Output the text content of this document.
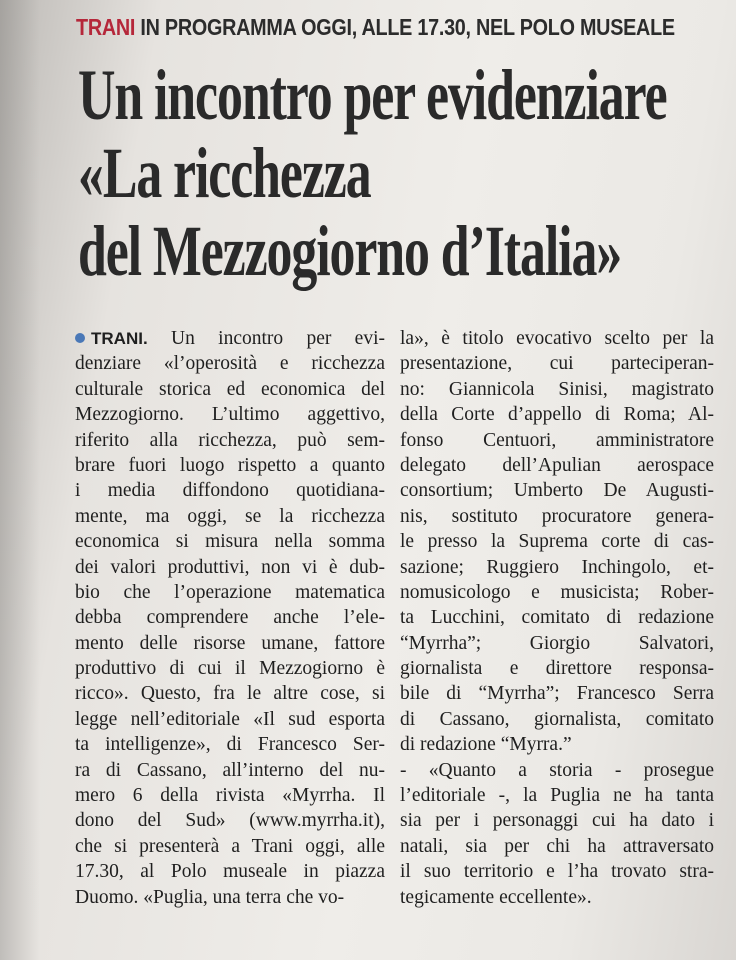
TRANI IN PROGRAMMA OGGI, ALLE 17.30, NEL POLO MUSEALE
Un incontro per evidenziare
«La ricchezza
del Mezzogiorno d’Italia»
TRANI. Un incontro per evi-
denziare «l’operosità e ricchezza
culturale storica ed economica del
Mezzogiorno. L’ultimo aggettivo,
riferito alla ricchezza, può sem-
brare fuori luogo rispetto a quanto
i media diffondono quotidiana-
mente, ma oggi, se la ricchezza
economica si misura nella somma
dei valori produttivi, non vi è dub-
bio che l’operazione matematica
debba comprendere anche l’ele-
mento delle risorse umane, fattore
produttivo di cui il Mezzogiorno è
ricco». Questo, fra le altre cose, si
legge nell’editoriale «Il sud esporta
ta intelligenze», di Francesco Ser-
ra di Cassano, all’interno del nu-
mero 6 della rivista «Myrrha. Il
dono del Sud» (www.myrrha.it),
che si presenterà a Trani oggi, alle
17.30, al Polo museale in piazza
Duomo. «Puglia, una terra che vo-
la», è titolo evocativo scelto per la
presentazione, cui parteciperan-
no: Giannicola Sinisi, magistrato
della Corte d’appello di Roma; Al-
fonso Centuori, amministratore
delegato dell’Apulian aerospace
consortium; Umberto De Augusti-
nis, sostituto procuratore genera-
le presso la Suprema corte di cas-
sazione; Ruggiero Inchingolo, et-
nomusicologo e musicista; Rober-
ta Lucchini, comitato di redazione
“Myrrha”; Giorgio Salvatori,
giornalista e direttore responsa-
bile di “Myrrha”; Francesco Serra
di Cassano, giornalista, comitato
di redazione “Myrra.”
- «Quanto a storia - prosegue
l’editoriale -, la Puglia ne ha tanta
sia per i personaggi cui ha dato i
natali, sia per chi ha attraversato
il suo territorio e l’ha trovato stra-
tegicamente eccellente».
